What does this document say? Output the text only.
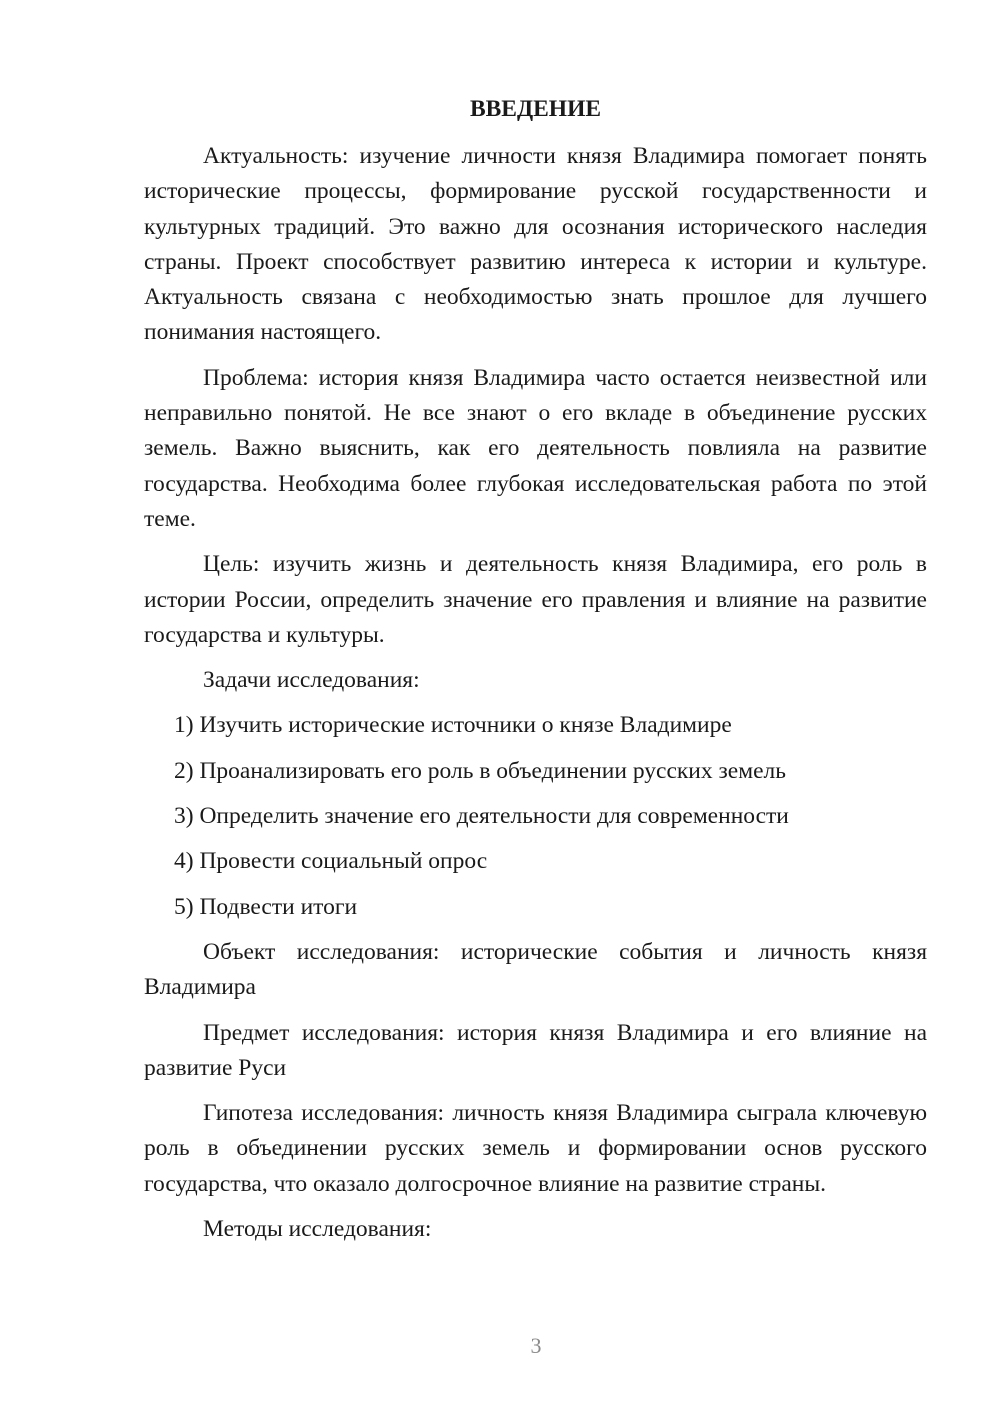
ВВЕДЕНИЕ

Актуальность: изучение личности князя Владимира помогает понять исторические процессы, формирование русской государственности и культурных традиций. Это важно для осознания исторического наследия страны. Проект способствует развитию интереса к истории и культуре. Актуальность связана с необходимостью знать прошлое для лучшего понимания настоящего.

Проблема: история князя Владимира часто остается неизвестной или неправильно понятой. Не все знают о его вкладе в объединение русских земель. Важно выяснить, как его деятельность повлияла на развитие государства. Необходима более глубокая исследовательская работа по этой теме.

Цель: изучить жизнь и деятельность князя Владимира, его роль в истории России, определить значение его правления и влияние на развитие государства и культуры.

Задачи исследования:

1) Изучить исторические источники о князе Владимире
2) Проанализировать его роль в объединении русских земель
3) Определить значение его деятельности для современности
4) Провести социальный опрос
5) Подвести итоги

Объект исследования: исторические события и личность князя Владимира

Предмет исследования: история князя Владимира и его влияние на развитие Руси

Гипотеза исследования: личность князя Владимира сыграла ключевую роль в объединении русских земель и формировании основ русского государства, что оказало долгосрочное влияние на развитие страны.

Методы исследования:

3
